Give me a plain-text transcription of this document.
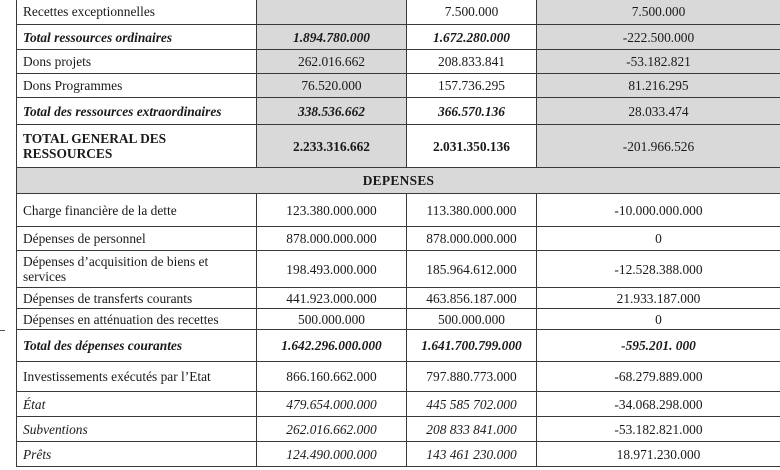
Recettes exceptionnelles		7.500.000	7.500.000
Total ressources ordinaires	1.894.780.000	1.672.280.000	-222.500.000
Dons projets	262.016.662	208.833.841	-53.182.821
Dons Programmes	76.520.000	157.736.295	81.216.295
Total des ressources extraordinaires	338.536.662	366.570.136	28.033.474
TOTAL GENERAL DES RESSOURCES	2.233.316.662	2.031.350.136	-201.966.526
DEPENSES			
Charge financière de la dette	123.380.000.000	113.380.000.000	-10.000.000.000
Dépenses de personnel	878.000.000.000	878.000.000.000	0
Dépenses d’acquisition de biens et services	198.493.000.000	185.964.612.000	-12.528.388.000
Dépenses de transferts courants	441.923.000.000	463.856.187.000	21.933.187.000
Dépenses en atténuation des recettes	500.000.000	500.000.000	0
Total des dépenses courantes	1.642.296.000.000	1.641.700.799.000	-595.201. 000
Investissements exécutés par l’Etat	866.160.662.000	797.880.773.000	-68.279.889.000
État	479.654.000.000	445 585 702.000	-34.068.298.000
Subventions	262.016.662.000	208 833 841.000	-53.182.821.000
Prêts	124.490.000.000	143 461 230.000	18.971.230.000
